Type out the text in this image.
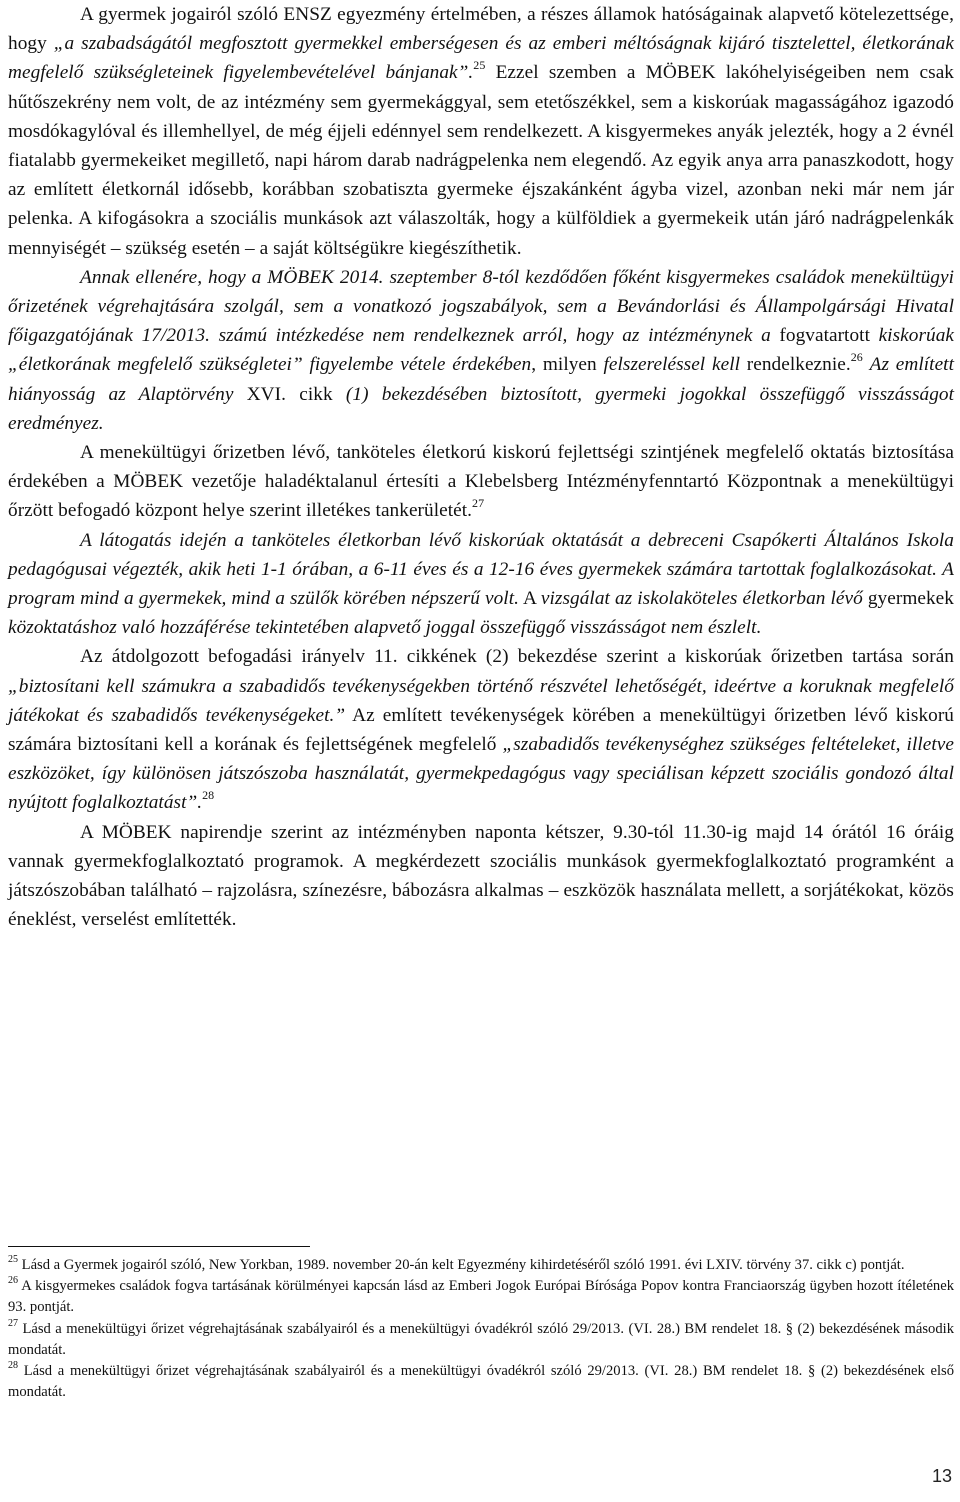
A gyermek jogairól szóló ENSZ egyezmény értelmében, a részes államok hatóságainak alapvető kötelezettsége, hogy „a szabadságától megfosztott gyermekkel emberségesen és az emberi méltóságnak kijáró tisztelettel, életkorának megfelelő szükségleteinek figyelembevételével bánjanak”.$^{25}$ Ezzel szemben a MÖBEK lakóhelyiségeiben nem csak hűtőszekrény nem volt, de az intézmény sem gyermekággyal, sem etetőszékkel, sem a kiskorúak magasságához igazodó mosdókagylóval és illemhellyel, de még éjjeli edénnyel sem rendelkezett. A kisgyermekes anyák jelezték, hogy a 2 évnél fiatalabb gyermekeiket megillető, napi három darab nadrágpelenka nem elegendő. Az egyik anya arra panaszkodott, hogy az említett életkornál idősebb, korábban szobatiszta gyermeke éjszakánként ágyba vizel, azonban neki már nem jár pelenka. A kifogásokra a szociális munkások azt válaszolták, hogy a külföldiek a gyermekeik után járó nadrágpelenkák mennyiségét – szükség esetén – a saját költségükre kiegészíthetik.

Annak ellenére, hogy a MÖBEK 2014. szeptember 8-tól kezdődően főként kisgyermekes családok menekültügyi őrizetének végrehajtására szolgál, sem a vonatkozó jogszabályok, sem a Bevándorlási és Állampolgársági Hivatal főigazgatójának 17/2013. számú intézkedése nem rendelkeznek arról, hogy az intézménynek a fogvatartott kiskorúak „életkorának megfelelő szükségletei” figyelembe vétele érdekében, milyen felszereléssel kell rendelkeznie.$^{26}$ Az említett hiányosság az Alaptörvény XVI. cikk (1) bekezdésében biztosított, gyermeki jogokkal összefüggő visszásságot eredményez.

A menekültügyi őrizetben lévő, tanköteles életkorú kiskorú fejlettségi szintjének megfelelő oktatás biztosítása érdekében a MÖBEK vezetője haladéktalanul értesíti a Klebelsberg Intézményfenntartó Központnak a menekültügyi őrzött befogadó központ helye szerint illetékes tankerületét.$^{27}$

A látogatás idején a tanköteles életkorban lévő kiskorúak oktatását a debreceni Csapókerti Általános Iskola pedagógusai végezték, akik heti 1-1 órában, a 6-11 éves és a 12-16 éves gyermekek számára tartottak foglalkozásokat. A program mind a gyermekek, mind a szülők körében népszerű volt. A vizsgálat az iskolaköteles életkorban lévő gyermekek közoktatáshoz való hozzáférése tekintetében alapvető joggal összefüggő visszásságot nem észlelt.

Az átdolgozott befogadási irányelv 11. cikkének (2) bekezdése szerint a kiskorúak őrizetben tartása során „biztosítani kell számukra a szabadidős tevékenységekben történő részvétel lehetőségét, ideértve a koruknak megfelelő játékokat és szabadidős tevékenységeket.” Az említett tevékenységek körében a menekültügyi őrizetben lévő kiskorú számára biztosítani kell a korának és fejlettségének megfelelő „szabadidős tevékenységhez szükséges feltételeket, illetve eszközöket, így különösen játszószoba használatát, gyermekpedagógus vagy speciálisan képzett szociális gondozó által nyújtott foglalkoztatást”.$^{28}$

A MÖBEK napirendje szerint az intézményben naponta kétszer, 9.30-tól 11.30-ig majd 14 órától 16 óráig vannak gyermekfoglalkoztató programok. A megkérdezett szociális munkások gyermekfoglalkoztató programként a játszószobában található – rajzolásra, színezésre, bábozásra alkalmas – eszközök használata mellett, a sorjátékokat, közös éneklést, verselést említették.

$^{25}$ Lásd a Gyermek jogairól szóló, New Yorkban, 1989. november 20-án kelt Egyezmény kihirdetéséről szóló 1991. évi LXIV. törvény 37. cikk c) pontját.

$^{26}$ A kisgyermekes családok fogva tartásának körülményei kapcsán lásd az Emberi Jogok Európai Bírósága Popov kontra Franciaország ügyben hozott ítéletének 93. pontját.

$^{27}$ Lásd a menekültügyi őrizet végrehajtásának szabályairól és a menekültügyi óvadékról szóló 29/2013. (VI. 28.) BM rendelet 18. § (2) bekezdésének második mondatát.

$^{28}$ Lásd a menekültügyi őrizet végrehajtásának szabályairól és a menekültügyi óvadékról szóló 29/2013. (VI. 28.) BM rendelet 18. § (2) bekezdésének első mondatát.

13
